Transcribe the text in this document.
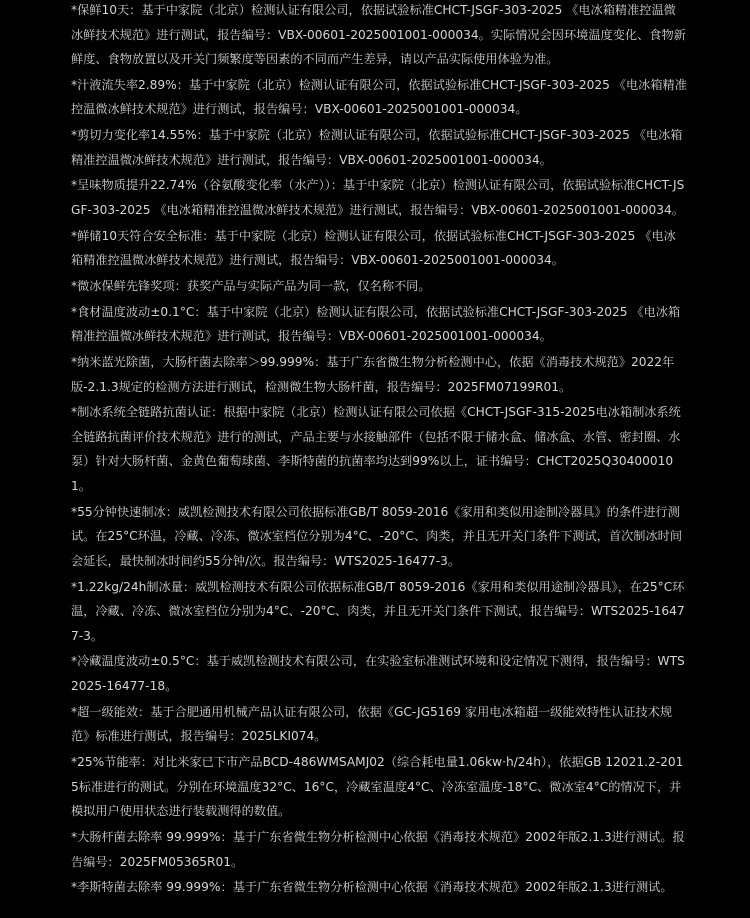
*保鲜10天：基于中家院（北京）检测认证有限公司，依据试验标准CHCT-JSGF-303-2025 《电冰箱精准控温微冰鲜技术规范》进行测试，报告编号：VBX-00601-2025001001-000034。实际情况会因环境温度变化、食物新鲜度、食物放置以及开关门频繁度等因素的不同而产生差异，请以产品实际使用体验为准。

*汁液流失率2.89%：基于中家院（北京）检测认证有限公司，依据试验标准CHCT-JSGF-303-2025 《电冰箱精准控温微冰鲜技术规范》进行测试，报告编号：VBX-00601-2025001001-000034。

*剪切力变化率14.55%：基于中家院（北京）检测认证有限公司，依据试验标准CHCT-JSGF-303-2025 《电冰箱精准控温微冰鲜技术规范》进行测试，报告编号：VBX-00601-2025001001-000034。

*呈味物质提升22.74%（谷氨酸变化率（水产））：基于中家院（北京）检测认证有限公司，依据试验标准CHCT-JSGF-303-2025 《电冰箱精准控温微冰鲜技术规范》进行测试，报告编号：VBX-00601-2025001001-000034。

*鲜储10天符合安全标准：基于中家院（北京）检测认证有限公司，依据试验标准CHCT-JSGF-303-2025 《电冰箱精准控温微冰鲜技术规范》进行测试，报告编号：VBX-00601-2025001001-000034。

*微冰保鲜先锋奖项：获奖产品与实际产品为同一款，仅名称不同。

*食材温度波动±0.1°C：基于中家院（北京）检测认证有限公司，依据试验标准CHCT-JSGF-303-2025 《电冰箱精准控温微冰鲜技术规范》进行测试，报告编号：VBX-00601-2025001001-000034。

*纳米蓝光除菌，大肠杆菌去除率＞99.999%：基于广东省微生物分析检测中心，依据《消毒技术规范》2022年版-2.1.3规定的检测方法进行测试，检测微生物大肠杆菌，报告编号：2025FM07199R01。

*制冰系统全链路抗菌认证：根据中家院（北京）检测认证有限公司依据《CHCT-JSGF-315-2025电冰箱制冰系统全链路抗菌评价技术规范》进行的测试，产品主要与水接触部件（包括不限于储水盒、储冰盒、水管、密封圈、水泵）针对大肠杆菌、金黄色葡萄球菌、李斯特菌的抗菌率均达到99%以上，证书编号：CHCT2025Q304000101。

*55分钟快速制冰：威凯检测技术有限公司依据标准GB/T 8059-2016《家用和类似用途制冷器具》的条件进行测试。在25°C环温，冷藏、冷冻、微冰室档位分别为4°C、-20°C、肉类，并且无开关门条件下测试，首次制冰时间会延长，最快制冰时间约55分钟/次。报告编号：WTS2025-16477-3。

*1.22kg/24h制冰量：威凯检测技术有限公司依据标准GB/T 8059-2016《家用和类似用途制冷器具》，在25°C环温，冷藏、冷冻、微冰室档位分别为4°C、-20°C、肉类，并且无开关门条件下测试，报告编号：WTS2025-16477-3。

*冷藏温度波动±0.5°C：基于威凯检测技术有限公司，在实验室标准测试环境和设定情况下测得，报告编号：WTS2025-16477-18。

*超一级能效：基于合肥通用机械产品认证有限公司，依据《GC-JG5169 家用电冰箱超一级能效特性认证技术规范》标准进行测试，报告编号：2025LKI074。

*25%节能率：对比米家已下市产品BCD-486WMSAMJ02（综合耗电量1.06kw·h/24h），依据GB 12021.2-2015标准进行的测试。分别在环境温度32°C、16°C，冷藏室温度4°C、冷冻室温度-18°C、微冰室4°C的情况下，并模拟用户使用状态进行装载测得的数值。

*大肠杆菌去除率 99.999%：基于广东省微生物分析检测中心依据《消毒技术规范》2002年版2.1.3进行测试。报告编号：2025FM05365R01。

*李斯特菌去除率 99.999%：基于广东省微生物分析检测中心依据《消毒技术规范》2002年版2.1.3进行测试。
